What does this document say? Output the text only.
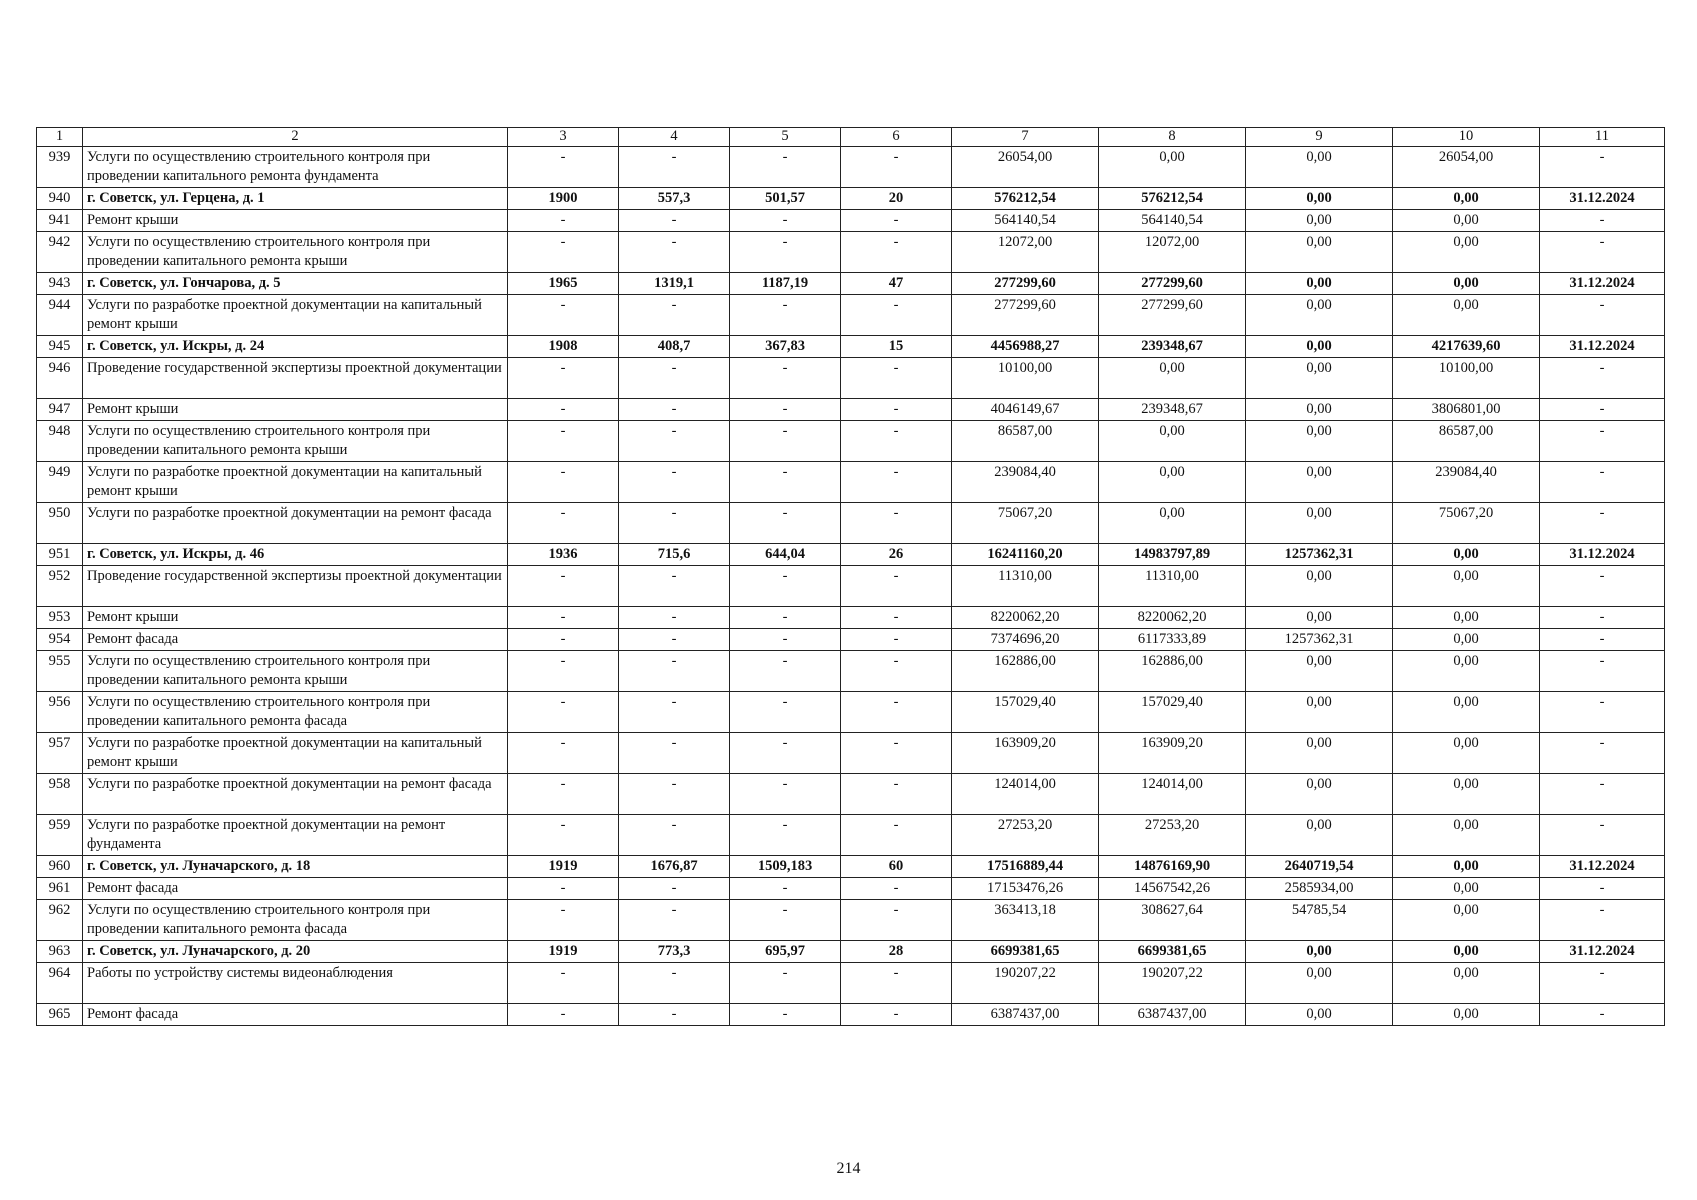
1	2	3	4	5	6	7	8	9	10	11
939	Услуги по осуществлению строительного контроля при проведении капитального ремонта фундамента	-	-	-	-	26054,00	0,00	0,00	26054,00	-
940	г. Советск, ул. Герцена, д. 1	1900	557,3	501,57	20	576212,54	576212,54	0,00	0,00	31.12.2024
941	Ремонт крыши	-	-	-	-	564140,54	564140,54	0,00	0,00	-
942	Услуги по осуществлению строительного контроля при проведении капитального ремонта крыши	-	-	-	-	12072,00	12072,00	0,00	0,00	-
943	г. Советск, ул. Гончарова, д. 5	1965	1319,1	1187,19	47	277299,60	277299,60	0,00	0,00	31.12.2024
944	Услуги по разработке проектной документации на капитальный ремонт крыши	-	-	-	-	277299,60	277299,60	0,00	0,00	-
945	г. Советск, ул. Искры, д. 24	1908	408,7	367,83	15	4456988,27	239348,67	0,00	4217639,60	31.12.2024
946	Проведение государственной экспертизы проектной документации	-	-	-	-	10100,00	0,00	0,00	10100,00	-
947	Ремонт крыши	-	-	-	-	4046149,67	239348,67	0,00	3806801,00	-
948	Услуги по осуществлению строительного контроля при проведении капитального ремонта крыши	-	-	-	-	86587,00	0,00	0,00	86587,00	-
949	Услуги по разработке проектной документации на капитальный ремонт крыши	-	-	-	-	239084,40	0,00	0,00	239084,40	-
950	Услуги по разработке проектной документации на ремонт фасада	-	-	-	-	75067,20	0,00	0,00	75067,20	-
951	г. Советск, ул. Искры, д. 46	1936	715,6	644,04	26	16241160,20	14983797,89	1257362,31	0,00	31.12.2024
952	Проведение государственной экспертизы проектной документации	-	-	-	-	11310,00	11310,00	0,00	0,00	-
953	Ремонт крыши	-	-	-	-	8220062,20	8220062,20	0,00	0,00	-
954	Ремонт фасада	-	-	-	-	7374696,20	6117333,89	1257362,31	0,00	-
955	Услуги по осуществлению строительного контроля при проведении капитального ремонта крыши	-	-	-	-	162886,00	162886,00	0,00	0,00	-
956	Услуги по осуществлению строительного контроля при проведении капитального ремонта фасада	-	-	-	-	157029,40	157029,40	0,00	0,00	-
957	Услуги по разработке проектной документации на капитальный ремонт крыши	-	-	-	-	163909,20	163909,20	0,00	0,00	-
958	Услуги по разработке проектной документации на ремонт фасада	-	-	-	-	124014,00	124014,00	0,00	0,00	-
959	Услуги по разработке проектной документации на ремонт фундамента	-	-	-	-	27253,20	27253,20	0,00	0,00	-
960	г. Советск, ул. Луначарского, д. 18	1919	1676,87	1509,183	60	17516889,44	14876169,90	2640719,54	0,00	31.12.2024
961	Ремонт фасада	-	-	-	-	17153476,26	14567542,26	2585934,00	0,00	-
962	Услуги по осуществлению строительного контроля при проведении капитального ремонта фасада	-	-	-	-	363413,18	308627,64	54785,54	0,00	-
963	г. Советск, ул. Луначарского, д. 20	1919	773,3	695,97	28	6699381,65	6699381,65	0,00	0,00	31.12.2024
964	Работы по устройству системы видеонаблюдения	-	-	-	-	190207,22	190207,22	0,00	0,00	-
965	Ремонт фасада	-	-	-	-	6387437,00	6387437,00	0,00	0,00	-
214
